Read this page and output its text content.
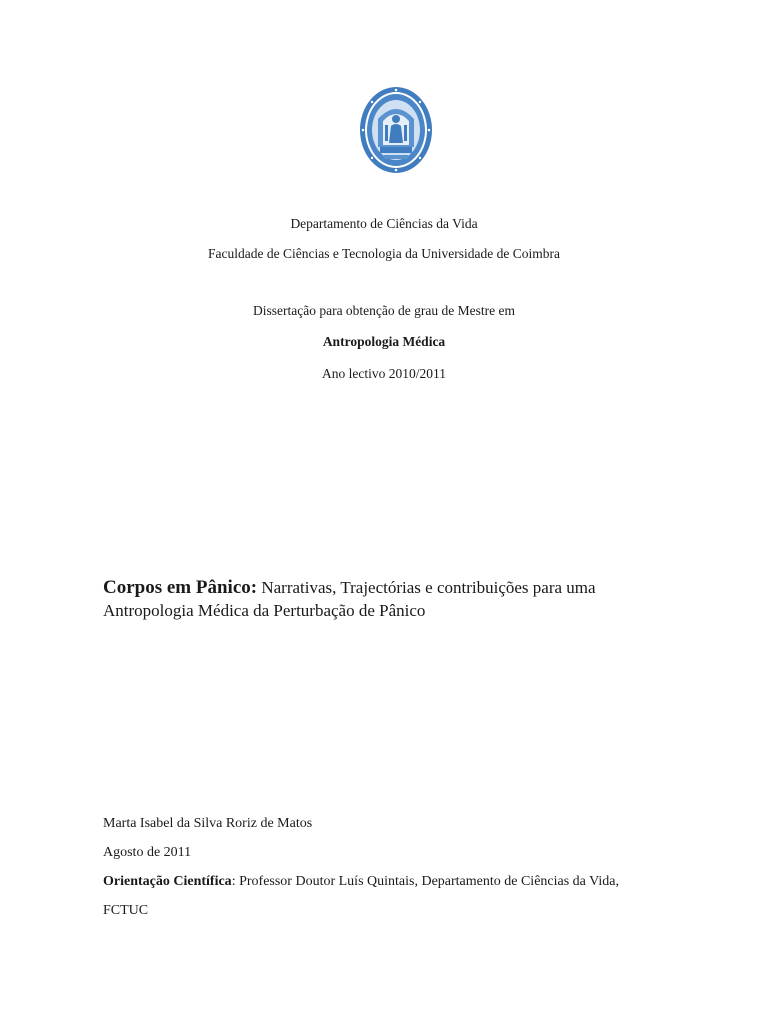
Departamento de Ciências da Vida
Faculdade de Ciências e Tecnologia da Universidade de Coimbra
Dissertação para obtenção de grau de Mestre em
Antropologia Médica
Ano lectivo 2010/2011
Corpos em Pânico: Narrativas, Trajectórias e contribuições para uma
Antropologia Médica da Perturbação de Pânico
Marta Isabel da Silva Roriz de Matos
Agosto de 2011
Orientação Científica: Professor Doutor Luís Quintais, Departamento de Ciências da Vida,
FCTUC
